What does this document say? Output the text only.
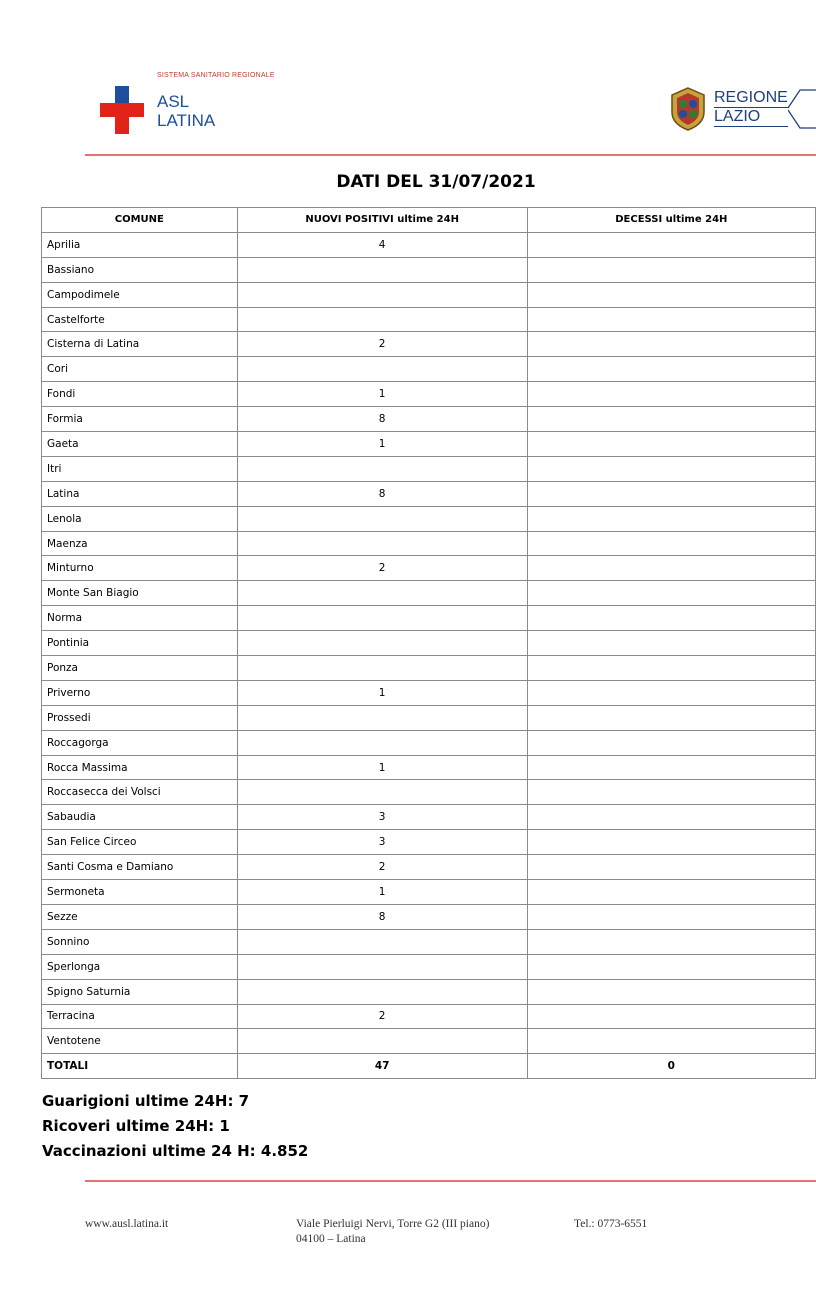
SISTEMA SANITARIO REGIONALE
ASL
LATINA
REGIONE
LAZIO
DATI DEL 31/07/2021
COMUNE	NUOVI POSITIVI ultime 24H	DECESSI ultime 24H
Aprilia	4	
Bassiano		
Campodimele		
Castelforte		
Cisterna di Latina	2	
Cori		
Fondi	1	
Formia	8	
Gaeta	1	
Itri		
Latina	8	
Lenola		
Maenza		
Minturno	2	
Monte San Biagio		
Norma		
Pontinia		
Ponza		
Priverno	1	
Prossedi		
Roccagorga		
Rocca Massima	1	
Roccasecca dei Volsci		
Sabaudia	3	
San Felice Circeo	3	
Santi Cosma e Damiano	2	
Sermoneta	1	
Sezze	8	
Sonnino		
Sperlonga		
Spigno Saturnia		
Terracina	2	
Ventotene		
TOTALI	47	0
Guarigioni ultime 24H: 7
Ricoveri ultime 24H: 1
Vaccinazioni ultime 24 H: 4.852
www.ausl.latina.it	Viale Pierluigi Nervi, Torre G2 (III piano)
04100 – Latina
Tel.: 0773-6551
